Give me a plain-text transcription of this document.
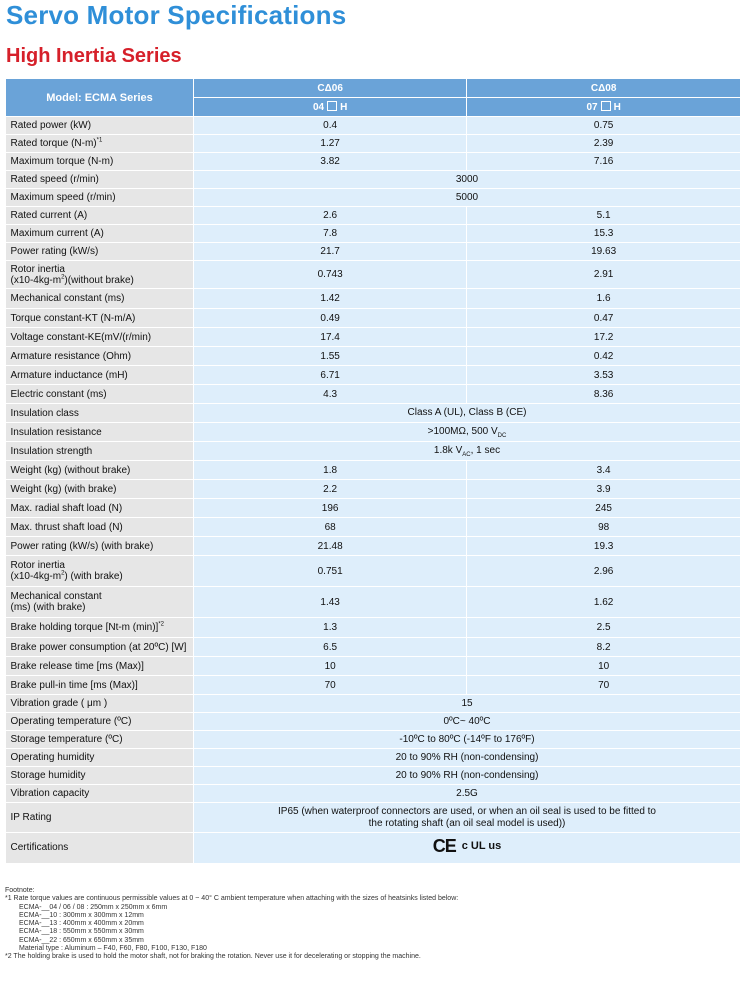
Servo Motor Specifications
High Inertia Series
Model: ECMA Series	CΔ06	CΔ08
	04 H	07 H
Rated power (kW)	0.4	0.75
Rated torque $(N-m)^{*1}$	1.27	2.39
Maximum torque (N-m)	3.82	7.16
Rated speed (r/min)	3000	
Maximum speed (r/min)	5000	
Rated current (A)	2.6	5.1
Maximum current (A)	7.8	15.3
Power rating (kW/s)	21.7	19.63
Rotor inertia
$(x10-4kg-m^2)(without$ brake)	0.743	2.91
Mechanical constant (ms)	1.42	1.6
Torque constant-KT (N-m/A)	0.49	0.47
Voltage constant-KE(mV/(r/min)	17.4	17.2
Armature resistance (Ohm)	1.55	0.42
Armature inductance (mH)	6.71	3.53
Electric constant (ms)	4.3	8.36
Insulation class	Class A (UL), Class B (CE)	
Insulation resistance	>100MΩ, 500 $V_{DC}$
Insulation strength	1.8k $V_{AC}$, 1 sec	
Weight (kg) (without brake)	1.8	3.4
Weight (kg) (with brake)	2.2	3.9
Max. radial shaft load (N)	196	245
Max. thrust shaft load (N)	68	98
Power rating (kW/s) (with brake)	21.48	19.3
Rotor inertia
$(x10-4kg-m^2)$ (with brake)	0.751	2.96
Mechanical constant
(ms) (with brake)	1.43	1.62
Brake holding torque [Nt-m (min)]$^{*2}$	1.3	2.5
Brake power consumption (at 20ºC) [W]	6.5	8.2
Brake release time [ms (Max)]	10	10
Brake pull-in time [ms (Max)]	70	70
Vibration grade ( μm )	15	
Operating temperature (ºC)	0ºC~ 40ºC	
Storage temperature (ºC)	-10ºC to 80ºC (-14ºF to 176ºF)	
Operating humidity	20 to 90% RH (non-condensing)	
Storage humidity	20 to 90% RH (non-condensing)	
Vibration capacity	2.5G	
IP Rating	IP65 (when waterproof connectors are used, or when an oil seal is used to be fitted to
the rotating shaft (an oil seal model is used))	
Certifications	CE c UL us	
Footnote:
*1 Rate torque values are continuous permissible values at 0 ~ 40° C ambient temperature when attaching with the sizes of heatsinks listed below:
ECMA-__04 / 06 / 08 : 250mm x 250mm x 6mm
ECMA-__10 : 300mm x 300mm x 12mm
ECMA-__13 : 400mm x 400mm x 20mm
ECMA-__18 : 550mm x 550mm x 30mm
ECMA-__22 : 650mm x 650mm x 35mm
Material type : Aluminum – F40, F60, F80, F100, F130, F180
*2 The holding brake is used to hold the motor shaft, not for braking the rotation. Never use it for decelerating or stopping the machine.
